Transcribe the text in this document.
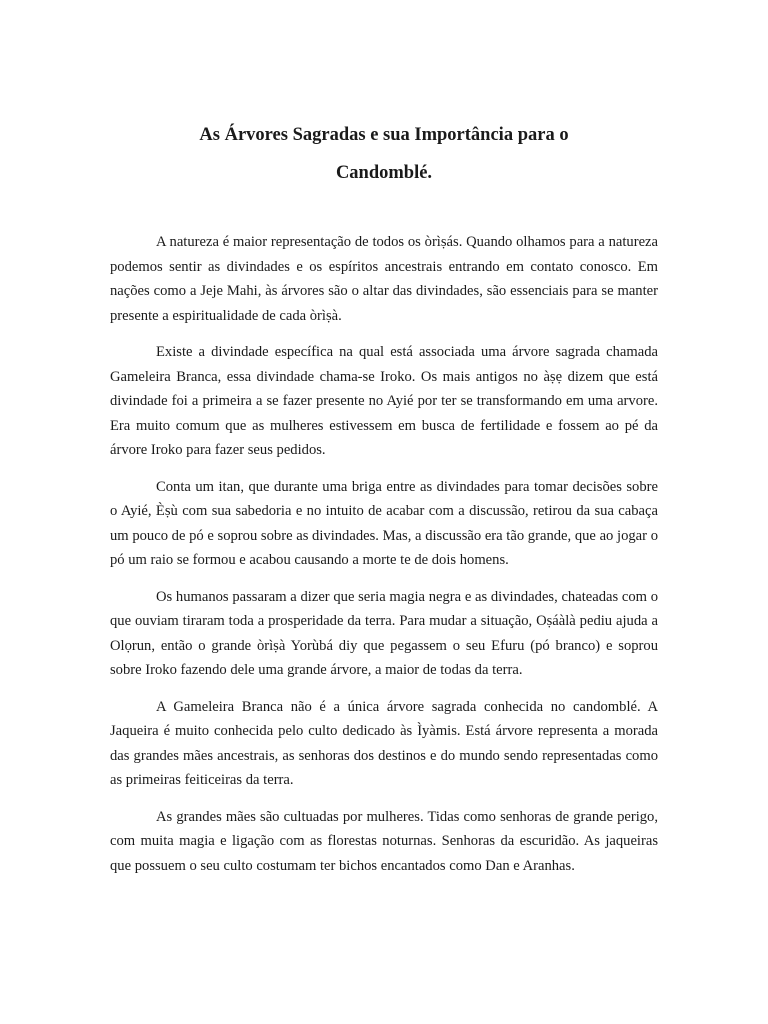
As Árvores Sagradas e sua Importância para o
Candomblé.

A natureza é maior representação de todos os òrìṣás. Quando olhamos para a natureza podemos sentir as divindades e os espíritos ancestrais entrando em contato conosco. Em nações como a Jeje Mahi, às árvores são o altar das divindades, são essenciais para se manter presente a espiritualidade de cada òrìṣà.

Existe a divindade específica na qual está associada uma árvore sagrada chamada Gameleira Branca, essa divindade chama-se Iroko. Os mais antigos no àṣẹ dizem que está divindade foi a primeira a se fazer presente no Ayié por ter se transformando em uma arvore. Era muito comum que as mulheres estivessem em busca de fertilidade e fossem ao pé da árvore Iroko para fazer seus pedidos.

Conta um itan, que durante uma briga entre as divindades para tomar decisões sobre o Ayié, Èṣù com sua sabedoria e no intuito de acabar com a discussão, retirou da sua cabaça um pouco de pó e soprou sobre as divindades. Mas, a discussão era tão grande, que ao jogar o pó um raio se formou e acabou causando a morte te de dois homens.

Os humanos passaram a dizer que seria magia negra e as divindades, chateadas com o que ouviam tiraram toda a prosperidade da terra. Para mudar a situação, Oṣáàlà pediu ajuda a Olọrun, então o grande òrìṣà Yorùbá diy que pegassem o seu Efuru (pó branco) e soprou sobre Iroko fazendo dele uma grande árvore, a maior de todas da terra.

A Gameleira Branca não é a única árvore sagrada conhecida no candomblé. A Jaqueira é muito conhecida pelo culto dedicado às Ìyàmis. Está árvore representa a morada das grandes mães ancestrais, as senhoras dos destinos e do mundo sendo representadas como as primeiras feiticeiras da terra.

As grandes mães são cultuadas por mulheres. Tidas como senhoras de grande perigo, com muita magia e ligação com as florestas noturnas. Senhoras da escuridão. As jaqueiras que possuem o seu culto costumam ter bichos encantados como Dan e Aranhas.
